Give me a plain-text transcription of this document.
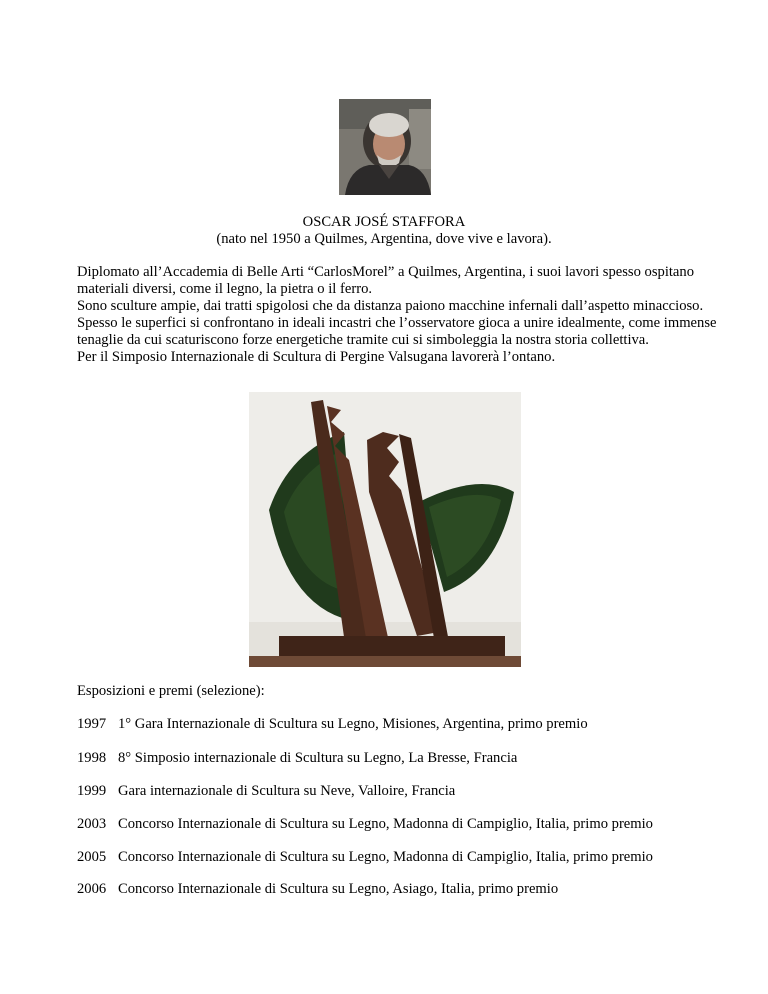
OSCAR JOSÉ STAFFORA
(nato nel 1950 a Quilmes, Argentina, dove vive e lavora).

Diplomato all’Accademia di Belle Arti “CarlosMorel” a Quilmes, Argentina, i suoi lavori spesso ospitano materiali diversi, come il legno, la pietra o il ferro.

Sono sculture ampie, dai tratti spigolosi che da distanza paiono macchine infernali dall’aspetto minaccioso. Spesso le superfici si confrontano in ideali incastri che l’osservatore gioca a unire idealmente, come immense tenaglie da cui scaturiscono forze energetiche tramite cui si simboleggia la nostra storia collettiva.

Per il Simposio Internazionale di Scultura di Pergine Valsugana lavorerà l’ontano.

Esposizioni e premi (selezione):
1997 1° Gara Internazionale di Scultura su Legno, Misiones, Argentina, primo premio
1998 8° Simposio internazionale di Scultura su Legno, La Bresse, Francia
1999 Gara internazionale di Scultura su Neve, Valloire, Francia
2003 Concorso Internazionale di Scultura su Legno, Madonna di Campiglio, Italia, primo premio
2005 Concorso Internazionale di Scultura su Legno, Madonna di Campiglio, Italia, primo premio
2006 Concorso Internazionale di Scultura su Legno, Asiago, Italia, primo premio
